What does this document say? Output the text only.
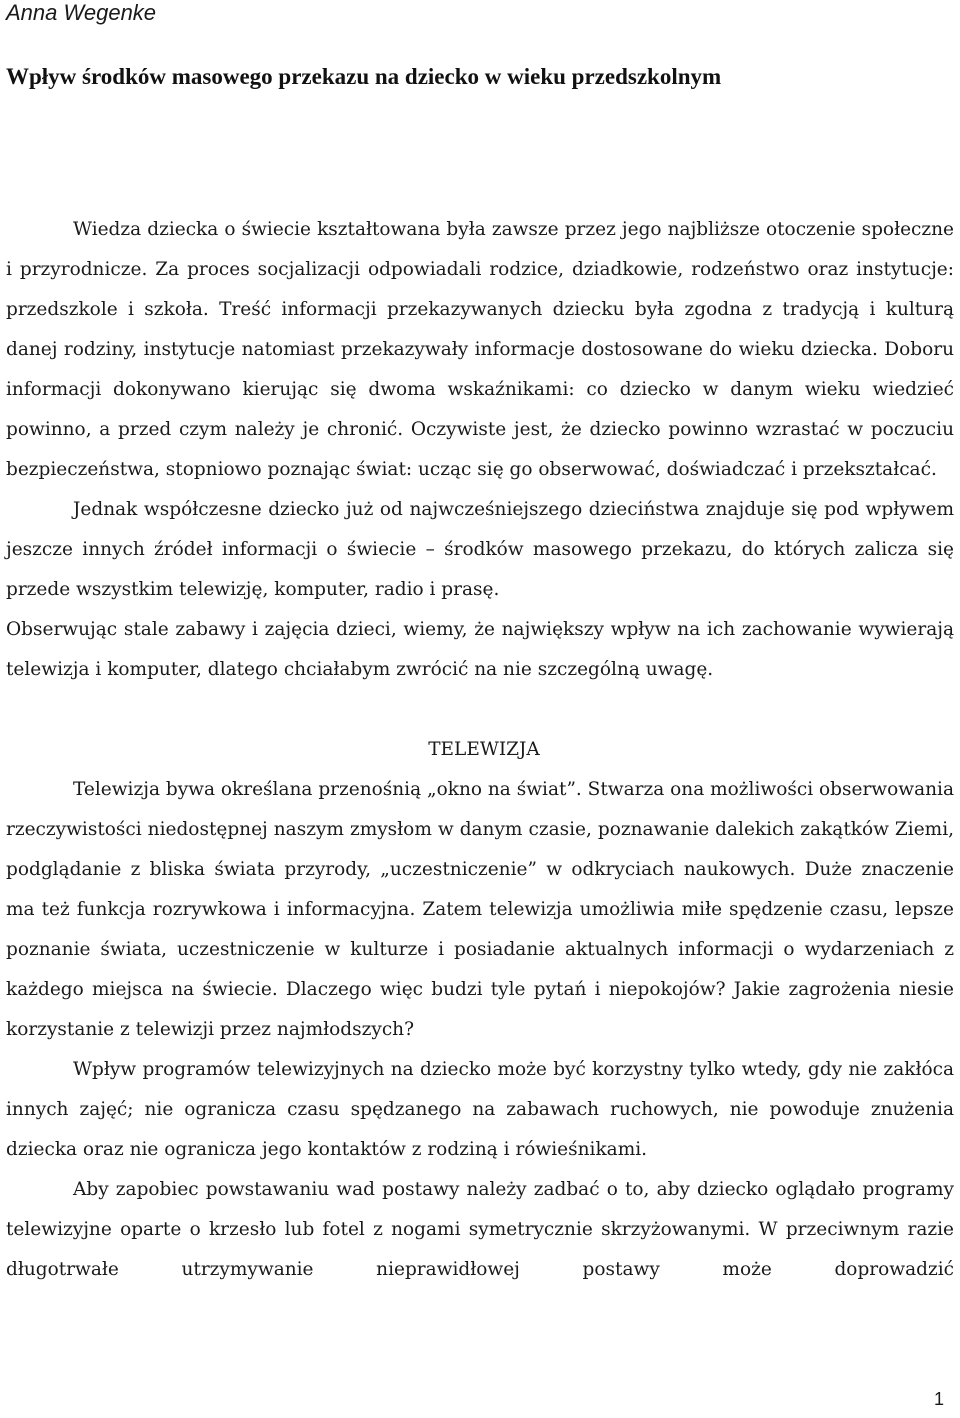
Anna Wegenke
Wpływ środków masowego przekazu na dziecko w wieku przedszkolnym

Wiedza dziecka o świecie kształtowana była zawsze przez jego najbliższe otoczenie społeczne i przyrodnicze. Za proces socjalizacji odpowiadali rodzice, dziadkowie, rodzeństwo oraz instytucje: przedszkole i szkoła. Treść informacji przekazywanych dziecku była zgodna z tradycją i kulturą danej rodziny, instytucje natomiast przekazywały informacje dostosowane do wieku dziecka. Doboru informacji dokonywano kierując się dwoma wskaźnikami: co dziecko w danym wieku wiedzieć powinno, a przed czym należy je chronić. Oczywiste jest, że dziecko powinno wzrastać w poczuciu bezpieczeństwa, stopniowo poznając świat: ucząc się go obserwować, doświadczać i przekształcać.

Jednak współczesne dziecko już od najwcześniejszego dzieciństwa znajduje się pod wpływem jeszcze innych źródeł informacji o świecie – środków masowego przekazu, do których zalicza się przede wszystkim telewizję, komputer, radio i prasę.

Obserwując stale zabawy i zajęcia dzieci, wiemy, że największy wpływ na ich zachowanie wywierają telewizja i komputer, dlatego chciałabym zwrócić na nie szczególną uwagę.

TELEWIZJA

Telewizja bywa określana przenośnią „okno na świat”. Stwarza ona możliwości obserwowania rzeczywistości niedostępnej naszym zmysłom w danym czasie, poznawanie dalekich zakątków Ziemi, podglądanie z bliska świata przyrody, „uczestniczenie” w odkryciach naukowych. Duże znaczenie ma też funkcja rozrywkowa i informacyjna. Zatem telewizja umożliwia miłe spędzenie czasu, lepsze poznanie świata, uczestniczenie w kulturze i posiadanie aktualnych informacji o wydarzeniach z każdego miejsca na świecie. Dlaczego więc budzi tyle pytań i niepokojów? Jakie zagrożenia niesie korzystanie z telewizji przez najmłodszych?

Wpływ programów telewizyjnych na dziecko może być korzystny tylko wtedy, gdy nie zakłóca innych zajęć; nie ogranicza czasu spędzanego na zabawach ruchowych, nie powoduje znużenia dziecka oraz nie ogranicza jego kontaktów z rodziną i rówieśnikami.

Aby zapobiec powstawaniu wad postawy należy zadbać o to, aby dziecko oglądało programy telewizyjne oparte o krzesło lub fotel z nogami symetrycznie skrzyżowanymi. W przeciwnym razie długotrwałe utrzymywanie nieprawidłowej postawy może doprowadzić

1
